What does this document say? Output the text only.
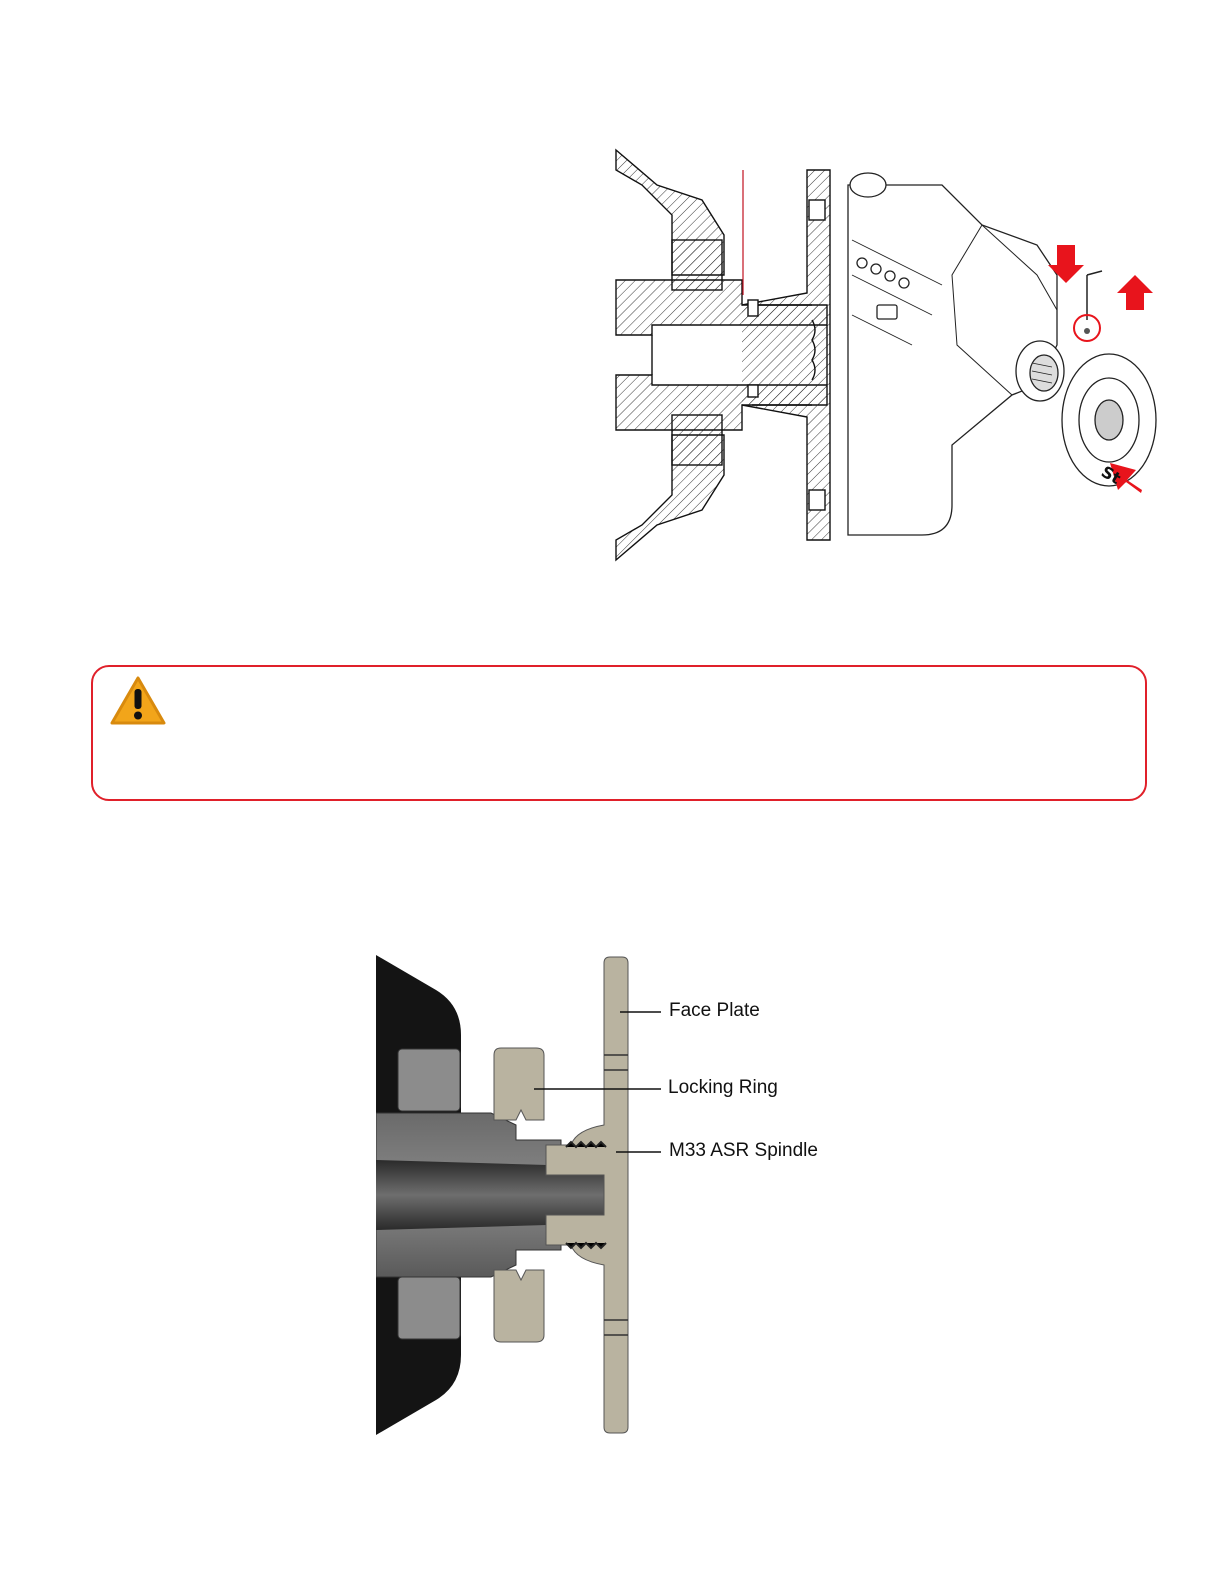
St
Face Plate
Locking Ring
M33 ASR Spindle
